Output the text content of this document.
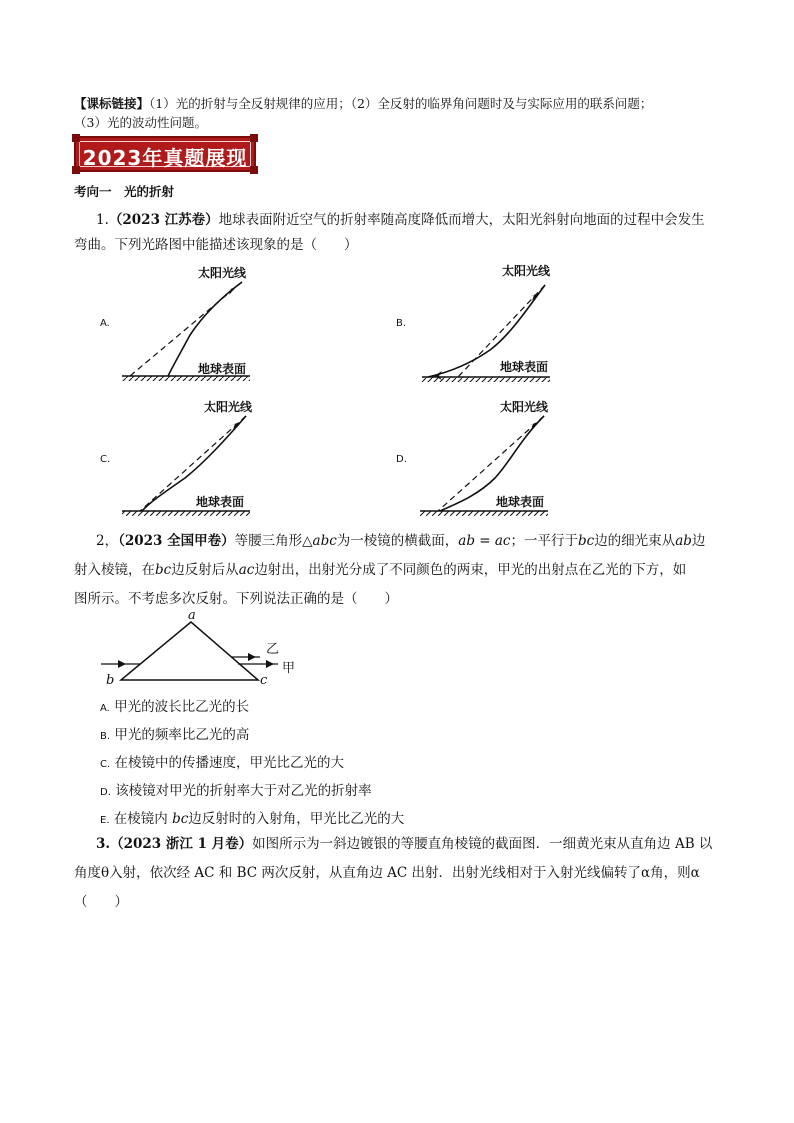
【课标链接】（1）光的折射与全反射规律的应用；（2）全反射的临界角问题时及与实际应用的联系问题；
（3）光的波动性问题。
2023年真题展现
考向一　光的折射
1.（2023 江苏卷）地球表面附近空气的折射率随高度降低而增大，太阳光斜射向地面的过程中会发生
弯曲。下列光路图中能描述该现象的是（　　）
太阳光线
地球表面
A.
太阳光线
地球表面
B.
太阳光线
地球表面
C.
太阳光线
地球表面
D.
2，（2023 全国甲卷）等腰三角形△abc为一棱镜的横截面，ab = ac；一平行于bc边的细光束从ab边
射入棱镜，在bc边反射后从ac边射出，出射光分成了不同颜色的两束，甲光的出射点在乙光的下方，如
图所示。不考虑多次反射。下列说法正确的是（　　）
a
b	c
乙
甲
A. 甲光的波长比乙光的长
B. 甲光的频率比乙光的高
C. 在棱镜中的传播速度，甲光比乙光的大
D. 该棱镜对甲光的折射率大于对乙光的折射率
E. 在棱镜内 bc边反射时的入射角，甲光比乙光的大
3.（2023 浙江 1 月卷）如图所示为一斜边镀银的等腰直角棱镜的截面图．一细黄光束从直角边 AB 以
角度θ入射，依次经 AC 和 BC 两次反射，从直角边 AC 出射．出射光线相对于入射光线偏转了α角，则α
（　　）
